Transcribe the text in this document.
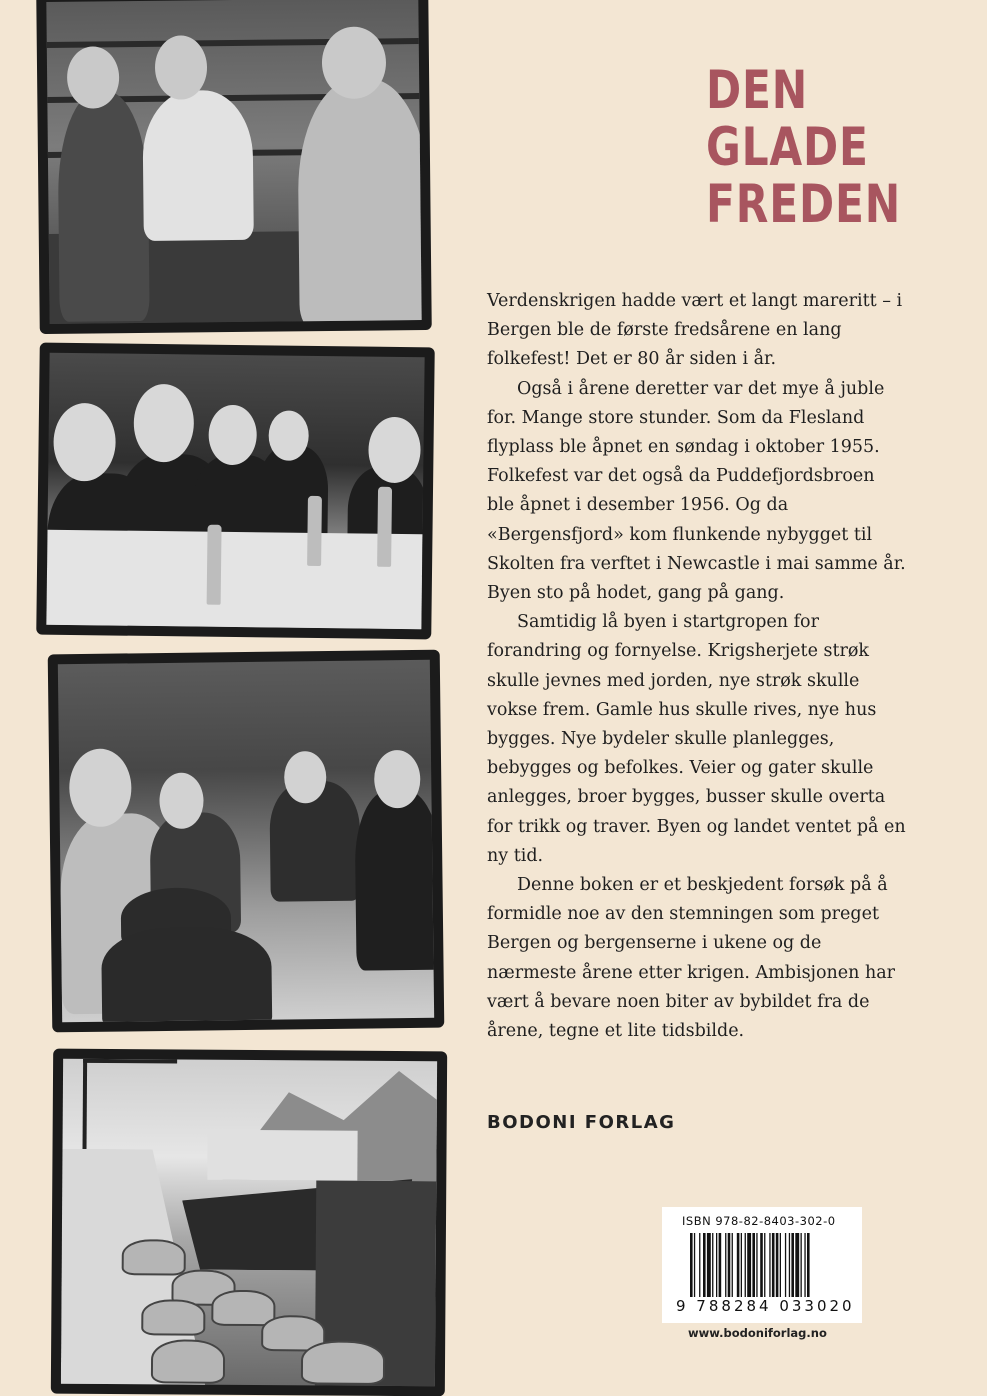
DEN
GLADE
FREDEN

Verdenskrigen hadde vært et langt mareritt – i Bergen ble de første fredsårene en lang folkefest! Det er 80 år siden i år.

Også i årene deretter var det mye å juble for. Mange store stunder. Som da Flesland flyplass ble åpnet en søndag i oktober 1955. Folkefest var det også da Puddefjordsbroen ble åpnet i desember 1956. Og da «Bergensfjord» kom flunkende nybygget til Skolten fra verftet i Newcastle i mai samme år. Byen sto på hodet, gang på gang.

Samtidig lå byen i startgropen for forandring og fornyelse. Krigsherjete strøk skulle jevnes med jorden, nye strøk skulle vokse frem. Gamle hus skulle rives, nye hus bygges. Nye bydeler skulle planlegges, bebygges og befolkes. Veier og gater skulle anlegges, broer bygges, busser skulle overta for trikk og traver. Byen og landet ventet på en ny tid.

Denne boken er et beskjedent forsøk på å formidle noe av den stemningen som preget Bergen og bergenserne i ukene og de nærmeste årene etter krigen. Ambisjonen har vært å bevare noen biter av bybildet fra de årene, tegne et lite tidsbilde.

BODONI FORLAG
ISBN 978-82-8403-302-0
9 788284 033020
www.bodoniforlag.no
